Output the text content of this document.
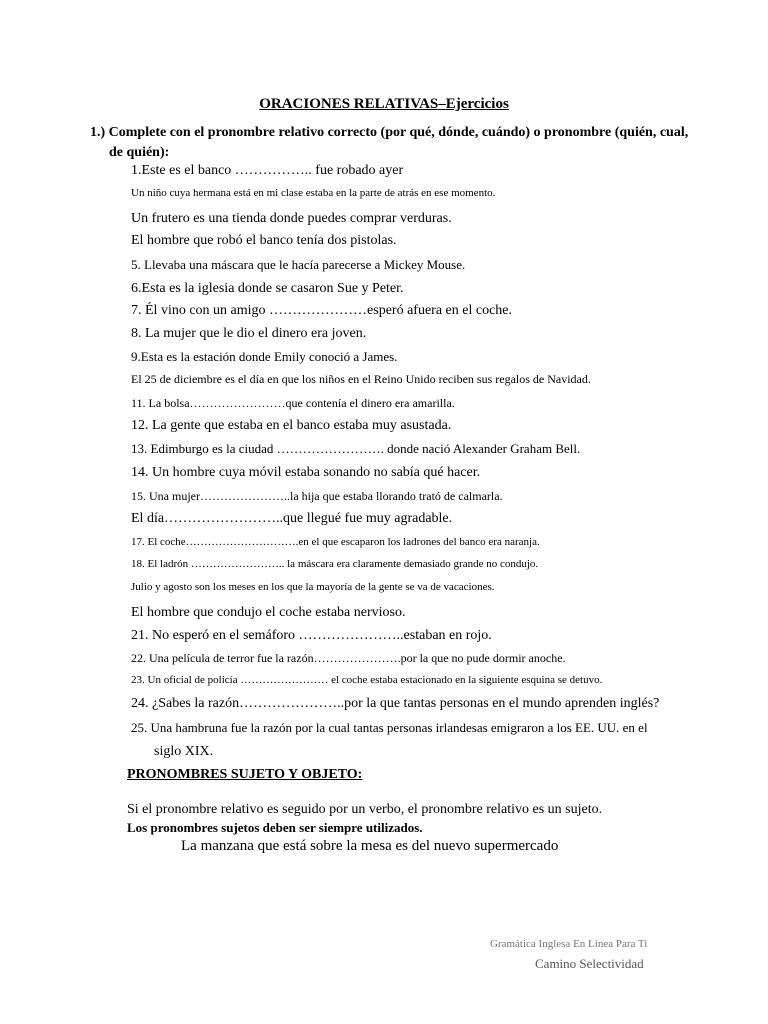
ORACIONES RELATIVAS–Ejercicios
1.) Complete con el pronombre relativo correcto (por qué, dónde, cuándo) o pronombre (quién, cual,
de quién):
1.Este es el banco …………….. fue robado ayer
Un niño cuya hermana está en mi clase estaba en la parte de atrás en ese momento.
Un frutero es una tienda donde puedes comprar verduras.
El hombre que robó el banco tenía dos pistolas.
5. Llevaba una máscara que le hacía parecerse a Mickey Mouse.
6.Esta es la iglesia donde se casaron Sue y Peter.
7. Él vino con un amigo …………………esperó afuera en el coche.
8. La mujer que le dio el dinero era joven.
9.Esta es la estación donde Emily conoció a James.
El 25 de diciembre es el día en que los niños en el Reino Unido reciben sus regalos de Navidad.
11. La bolsa……………………que contenía el dinero era amarilla.
12. La gente que estaba en el banco estaba muy asustada.
13. Edimburgo es la ciudad ……………………. donde nació Alexander Graham Bell.
14. Un hombre cuya móvil estaba sonando no sabía qué hacer.
15. Una mujer…………………..la hija que estaba llorando trató de calmarla.
El día……………………..que llegué fue muy agradable.
17. El coche………………………….en el que escaparon los ladrones del banco era naranja.
18. El ladrón …………………….. la máscara era claramente demasiado grande no condujo.
Julio y agosto son los meses en los que la mayoría de la gente se va de vacaciones.
El hombre que condujo el coche estaba nervioso.
21. No esperó en el semáforo …………………..estaban en rojo.
22. Una película de terror fue la razón………………….por la que no pude dormir anoche.
23. Un oficial de policía …………………… el coche estaba estacionado en la siguiente esquina se detuvo.
24. ¿Sabes la razón…………………..por la que tantas personas en el mundo aprenden inglés?
25. Una hambruna fue la razón por la cual tantas personas irlandesas emigraron a los EE. UU. en el
siglo XIX.
PRONOMBRES SUJETO Y OBJETO:
Si el pronombre relativo es seguido por un verbo, el pronombre relativo es un sujeto.
Los pronombres sujetos deben ser siempre utilizados.
La manzana que está sobre la mesa es del nuevo supermercado
Gramática Inglesa En Línea Para Ti
Camino Selectividad
